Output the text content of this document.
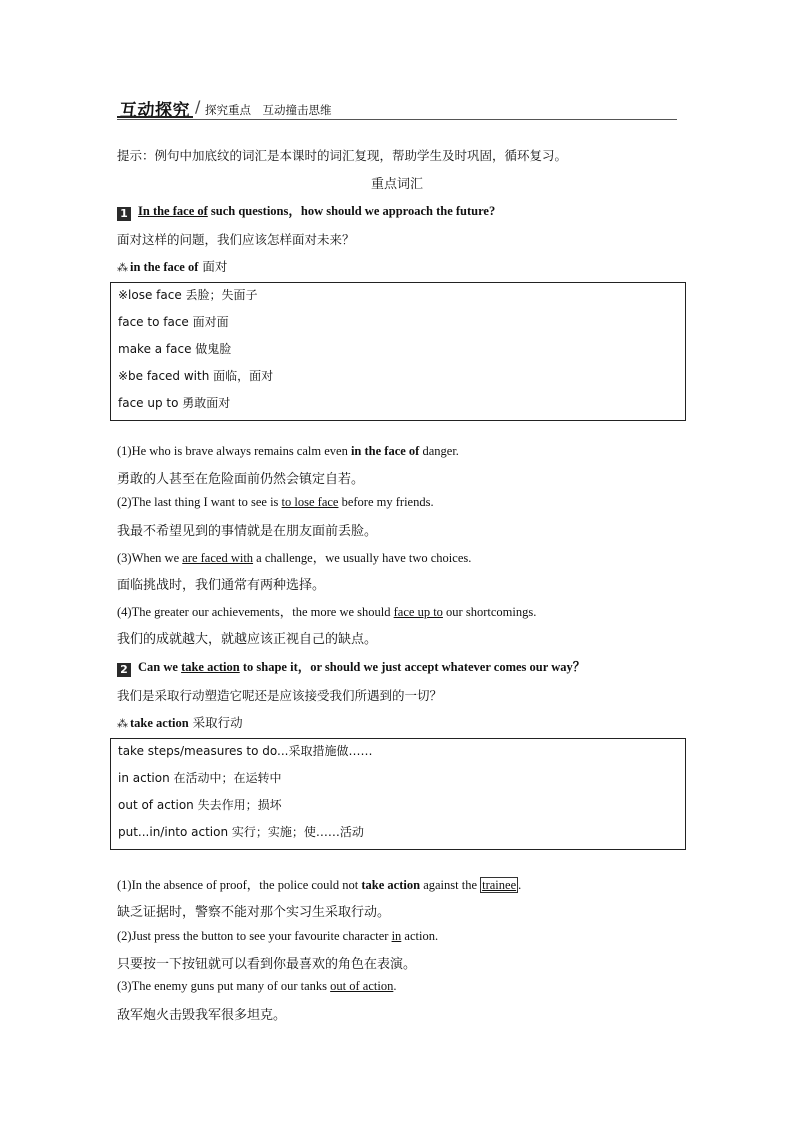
互动探究 / 探究重点　互动撞击思维
提示：例句中加底纹的词汇是本课时的词汇复现，帮助学生及时巩固，循环复习。
重点词汇
1 In the face of such questions，how should we approach the future?
面对这样的问题，我们应该怎样面对未来？
⁂ in the face of 面对
※lose face 丢脸；失面子
face to face 面对面
make a face 做鬼脸
※be faced with 面临，面对
face up to 勇敢面对
(1)He who is brave always remains calm even in the face of danger.
勇敢的人甚至在危险面前仍然会镇定自若。
(2)The last thing I want to see is to lose face before my friends.
我最不希望见到的事情就是在朋友面前丢脸。
(3)When we are faced with a challenge，we usually have two choices.
面临挑战时，我们通常有两种选择。
(4)The greater our achievements，the more we should face up to our shortcomings.
我们的成就越大，就越应该正视自己的缺点。
2 Can we take action to shape it，or should we just accept whatever comes our way？
我们是采取行动塑造它呢还是应该接受我们所遇到的一切？
⁂ take action 采取行动
take steps/measures to do...采取措施做……
in action 在活动中；在运转中
out of action 失去作用；损坏
put...in/into action 实行；实施；使……活动
(1)In the absence of proof，the police could not take action against the trainee .
缺乏证据时，警察不能对那个实习生采取行动。
(2)Just press the button to see your favourite character in action.
只要按一下按钮就可以看到你最喜欢的角色在表演。
(3)The enemy guns put many of our tanks out of action.
敌军炮火击毁我军很多坦克。
